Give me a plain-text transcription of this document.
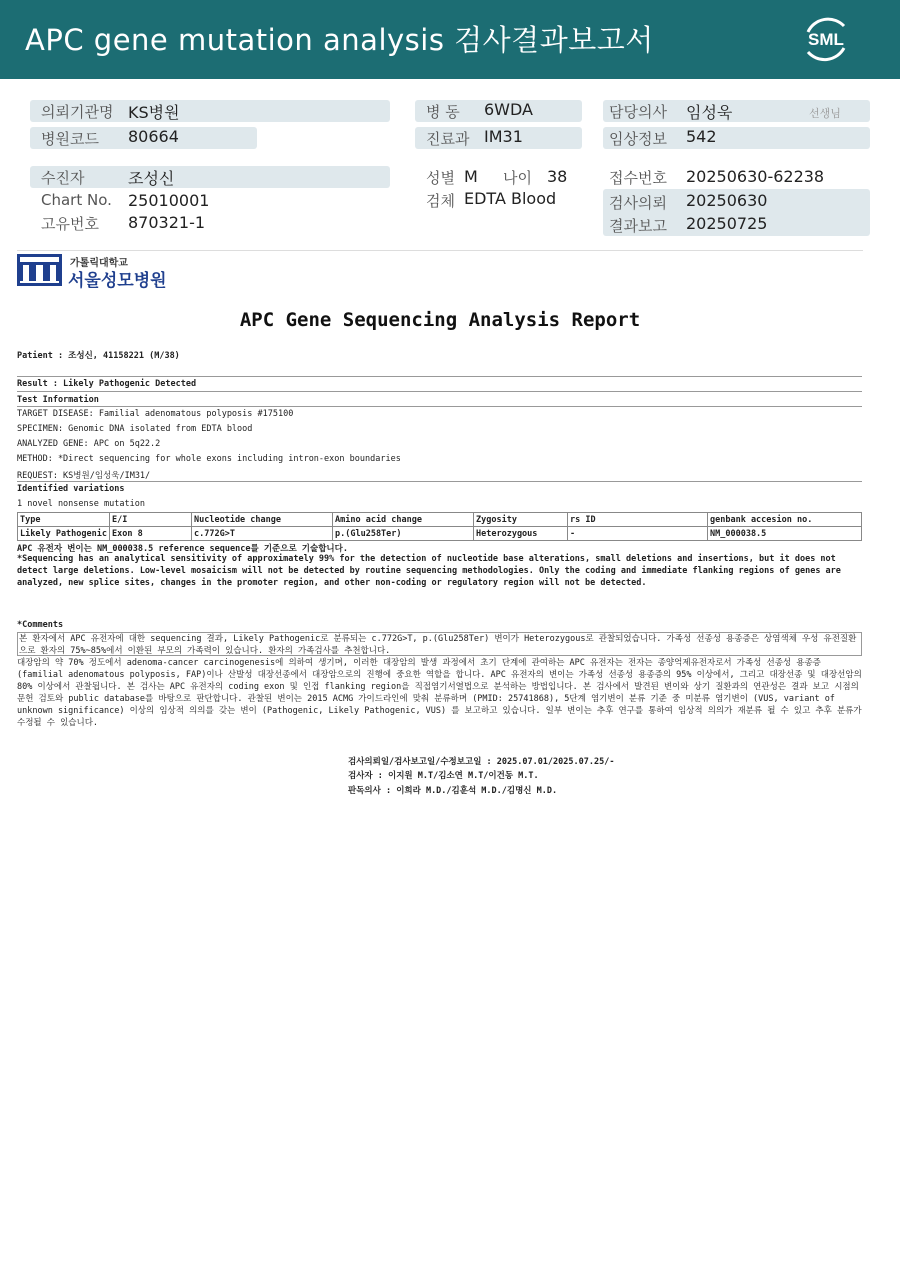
APC gene mutation analysis 검사결과보고서	SML
의뢰기관명 KS병원
병원코드 80664
병 동 6WDA
진료과 IM31
담당의사 임성욱	선생님
임상정보 542
수진자	조성신
Chart No. 25010001
고유번호 870321-1
성별 M 나이 38
검체 EDTA Blood
접수번호 20250630-62238
검사의뢰 20250630
결과보고 20250725
가톨릭대학교
서울성모병원
APC Gene Sequencing Analysis Report
Patient : 조성신, 41158221 (M/38)
Result : Likely Pathogenic Detected
Test Information
TARGET DISEASE: Familial adenomatous polyposis #175100
SPECIMEN: Genomic DNA isolated from EDTA blood
ANALYZED GENE: APC on 5q22.2
METHOD: *Direct sequencing for whole exons including intron-exon boundaries
REQUEST: KS병원/임성욱/IM31/
Identified variations
1 novel nonsense mutation
Type	E/I	Nucleotide change	Amino acid change	Zygosity	rs ID	genbank accesion no.
Likely Pathogenic	Exon 8	c.772G>T	p.(Glu258Ter)	Heterozygous	-	NM_000038.5
APC 유전자 변이는 NM_000038.5 reference sequence를 기준으로 기술합니다.
*Sequencing has an analytical sensitivity of approximately 99% for the detection of nucleotide base alterations, small deletions and insertions, but it does not detect large deletions. Low-level mosaicism will not be detected by routine sequencing methodologies. Only the coding and immediate flanking regions of genes are analyzed, new splice sites, changes in the promoter region, and other non-coding or regulatory region will not be detected.
*Comments
본 환자에서 APC 유전자에 대한 sequencing 결과, Likely Pathogenic로 분류되는 c.772G>T, p.(Glu258Ter) 변이가 Heterozygous로 관찰되었습니다. 가족성 선종성 용종증은 상염색체 우성 유전질환으로 환자의 75%~85%에서 이환된 부모의 가족력이 있습니다. 환자의 가족검사를 추천합니다.
대장암의 약 70% 정도에서 adenoma-cancer carcinogenesis에 의하여 생기며, 이러한 대장암의 발생 과정에서 초기 단계에 관여하는 APC 유전자는 전자는 종양억제유전자로서 가족성 선종성 용종증 (familial adenomatous polyposis, FAP)이나 산발성 대장선종에서 대장암으로의 진행에 중요한 역할을 합니다. APC 유전자의 변이는 가족성 선종성 용종증의 95% 이상에서, 그리고 대장선종 및 대장선암의 80% 이상에서 관찰됩니다. 본 검사는 APC 유전자의 coding exon 및 인접 flanking region을 직접염기서열법으로 분석하는 방법입니다. 본 검사에서 발견된 변이와 상기 질환과의 연관성은 결과 보고 시점의 문헌 검토와 public database를 바탕으로 판단합니다. 관찰된 변이는 2015 ACMG 가이드라인에 맞춰 분류하며 (PMID: 25741868), 5단계 염기변이 분류 기준 중 미분류 염기변이 (VUS, variant of unknown significance) 이상의 임상적 의의를 갖는 변이 (Pathogenic, Likely Pathogenic, VUS) 를 보고하고 있습니다. 일부 변이는 추후 연구를 통하여 임상적 의의가 재분류 될 수 있고 추후 분류가 수정될 수 있습니다.
검사의뢰일/검사보고일/수정보고일 : 2025.07.01/2025.07.25/-
검사자 : 이지원 M.T/김소연 M.T/이건동 M.T.
판독의사 : 이희라 M.D./김훈석 M.D./김명신 M.D.
